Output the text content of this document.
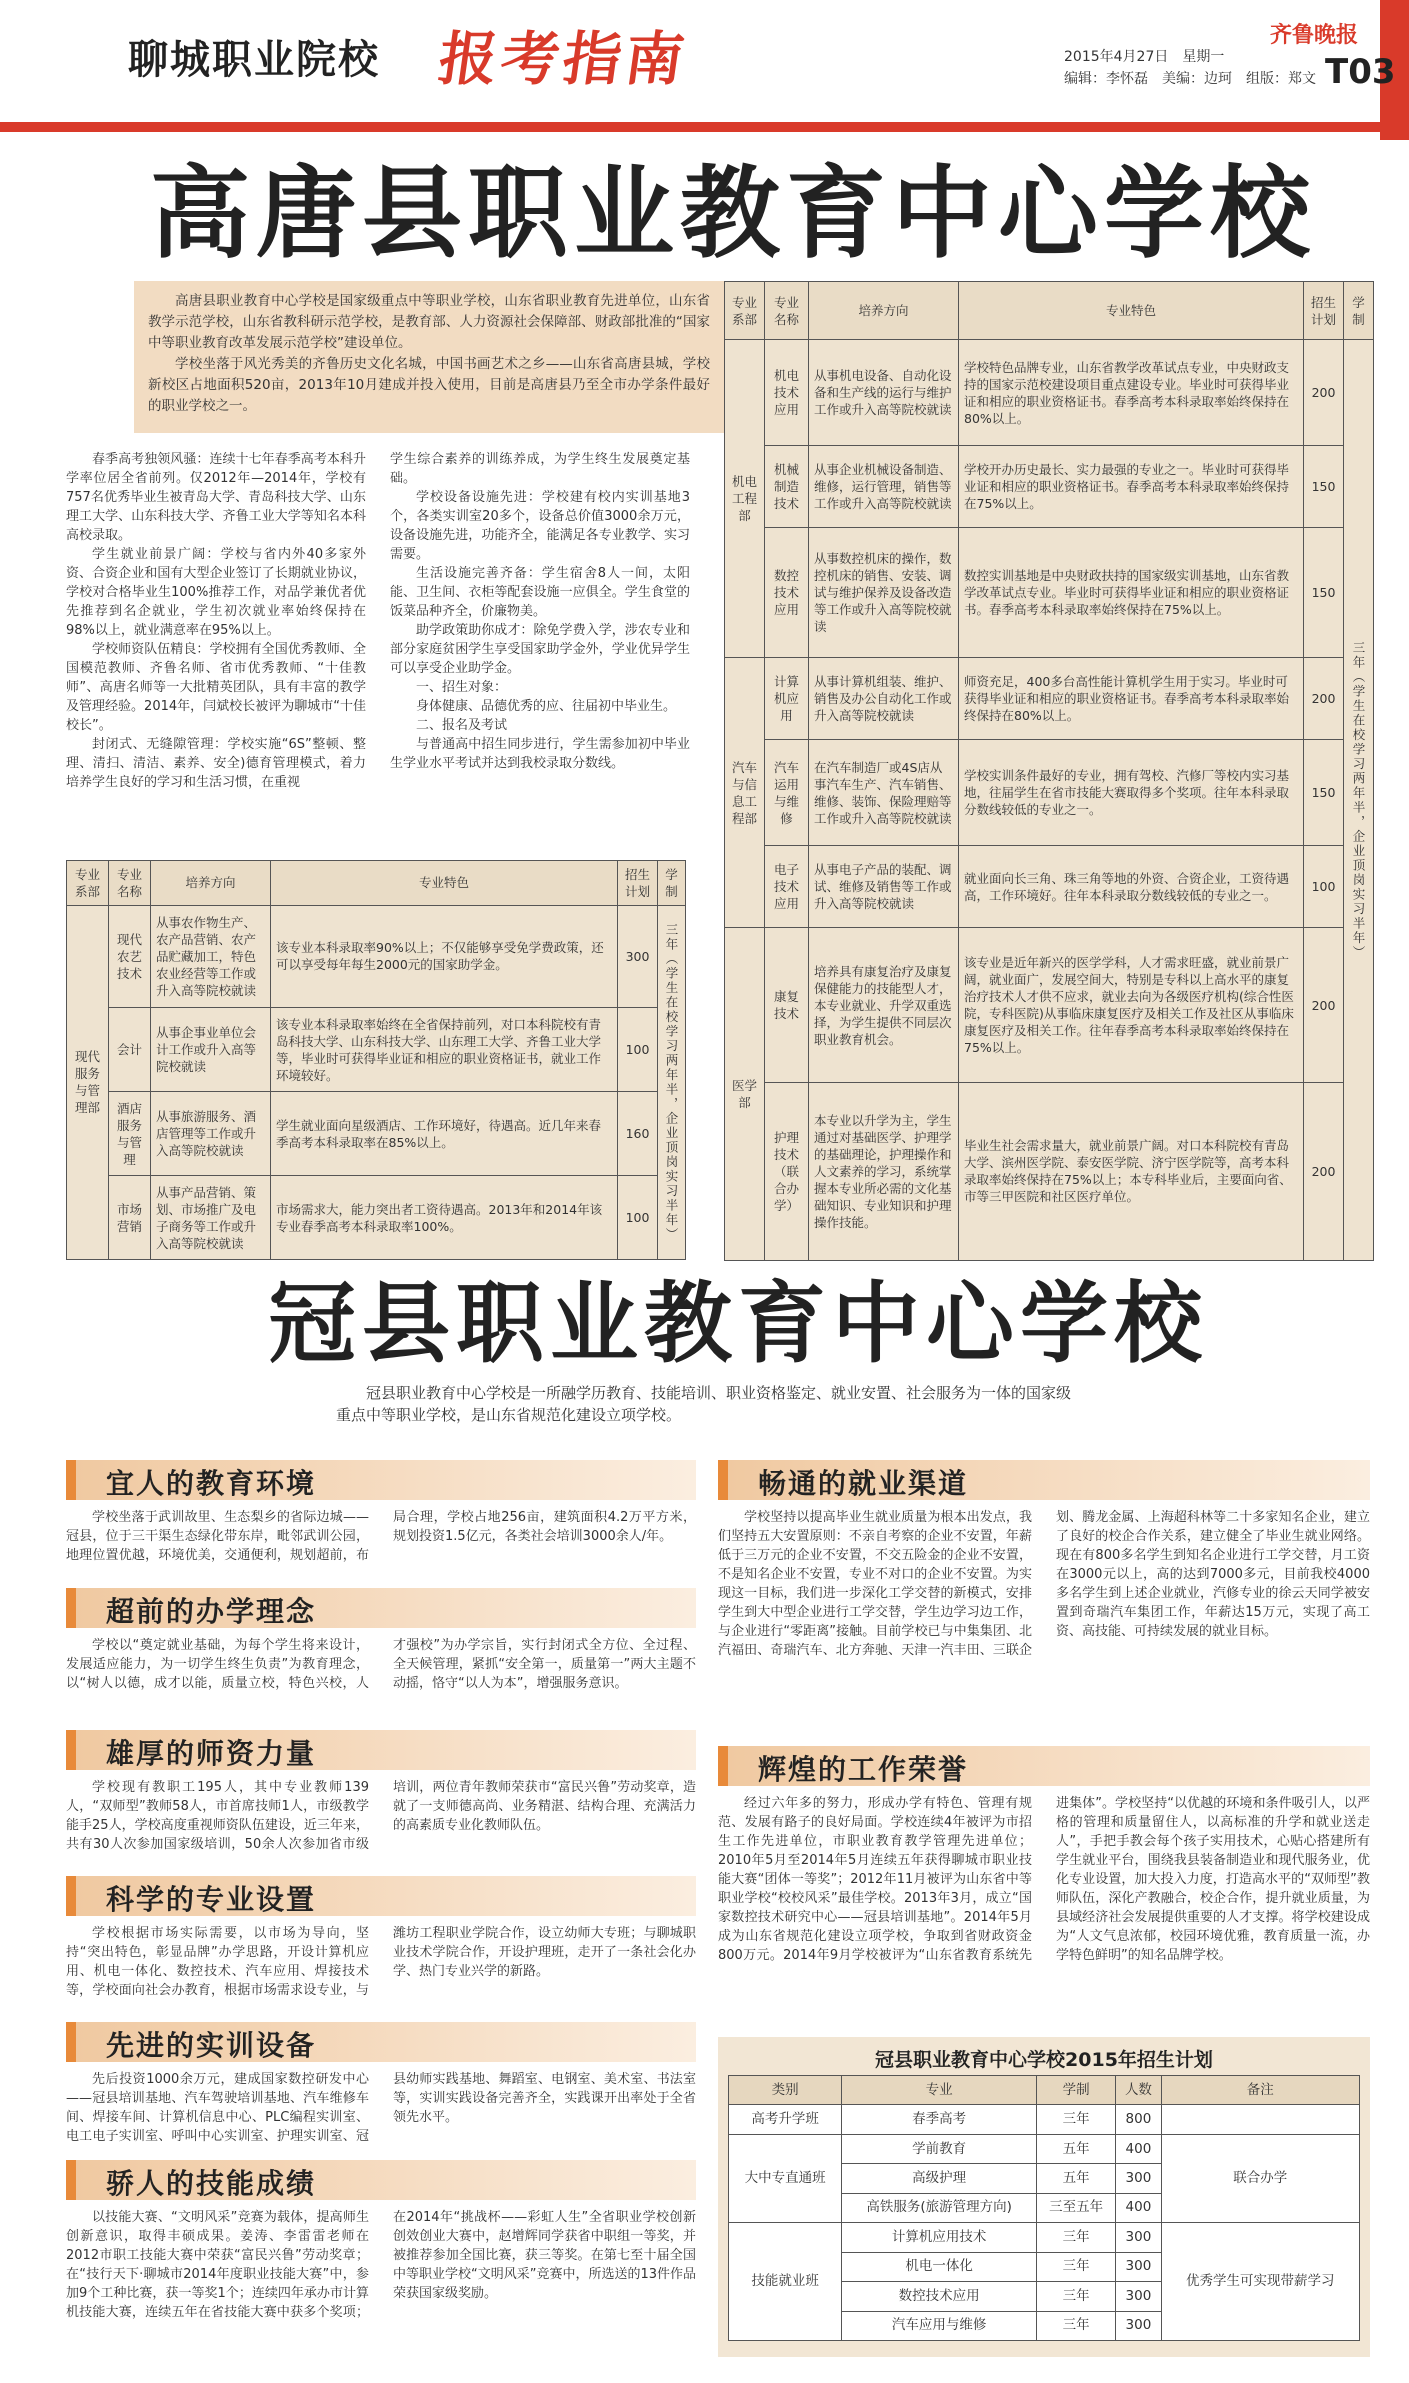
聊城职业院校 报考指南	齐鲁晚报
2015年4月27日　星期一
编辑：李怀磊　美编：边珂　组版：郑文 T03
高唐县职业教育中心学校

高唐县职业教育中心学校是国家级重点中等职业学校，山东省职业教育先进单位，山东省教学示范学校，山东省教科研示范学校，是教育部、人力资源社会保障部、财政部批准的“国家中等职业教育改革发展示范学校”建设单位。

学校坐落于风光秀美的齐鲁历史文化名城，中国书画艺术之乡——山东省高唐县城，学校新校区占地面积520亩，2013年10月建成并投入使用，目前是高唐县乃至全市办学条件最好的职业学校之一。

春季高考独领风骚：连续十七年春季高考本科升学率位居全省前列。仅2012年—2014年，学校有757名优秀毕业生被青岛大学、青岛科技大学、山东理工大学、山东科技大学、齐鲁工业大学等知名本科高校录取。

学生就业前景广阔：学校与省内外40多家外资、合资企业和国有大型企业签订了长期就业协议，学校对合格毕业生100%推荐工作，对品学兼优者优先推荐到名企就业，学生初次就业率始终保持在98%以上，就业满意率在95%以上。

学校师资队伍精良：学校拥有全国优秀教师、全国模范教师、齐鲁名师、省市优秀教师、“十佳教师”、高唐名师等一大批精英团队，具有丰富的教学及管理经验。2014年，闫斌校长被评为聊城市“十佳校长”。

封闭式、无缝隙管理：学校实施“6S”整顿、整理、清扫、清洁、素养、安全)德育管理模式，着力培养学生良好的学习和生活习惯，在重视

学生综合素养的训练养成，为学生终生发展奠定基础。

学校设备设施先进：学校建有校内实训基地3个，各类实训室20多个，设备总价值3000余万元，设备设施先进，功能齐全，能满足各专业教学、实习需要。

生活设施完善齐备：学生宿舍8人一间，太阳能、卫生间、衣柜等配套设施一应俱全。学生食堂的饭菜品种齐全，价廉物美。

助学政策助你成才：除免学费入学，涉农专业和部分家庭贫困学生享受国家助学金外，学业优异学生可以享受企业助学金。

一、招生对象：

身体健康、品德优秀的应、往届初中毕业生。

二、报名及考试

与普通高中招生同步进行，学生需参加初中毕业生学业水平考试并达到我校录取分数线。

专业系部	专业名称	培养方向	专业特色	招生计划	学制
现代服务与管理部	现代农艺技术	从事农作物生产、农产品营销、农产品贮藏加工，特色农业经营等工作或升入高等院校就读	该专业本科录取率90%以上；不仅能够享受免学费政策，还可以享受每年每生2000元的国家助学金。	300	三年（学生在校学习两年半，企业顶岗实习半年）
	会计	从事企事业单位会计工作或升入高等院校就读	该专业本科录取率始终在全省保持前列，对口本科院校有青岛科技大学、山东科技大学、山东理工大学、齐鲁工业大学等，毕业时可获得毕业证和相应的职业资格证书，就业工作环境较好。	100	
	酒店服务与管理	从事旅游服务、酒店管理等工作或升入高等院校就读	学生就业面向星级酒店、工作环境好，待遇高。近几年来春季高考本科录取率在85%以上。	160	
	市场营销	从事产品营销、策划、市场推广及电子商务等工作或升入高等院校就读	市场需求大，能力突出者工资待遇高。2013年和2014年该专业春季高考本科录取率100%。	100	
专业系部	专业名称	培养方向	专业特色	招生计划	学制
机电工程部	机电技术应用	从事机电设备、自动化设备和生产线的运行与维护工作或升入高等院校就读	学校特色品牌专业，山东省教学改革试点专业，中央财政支持的国家示范校建设项目重点建设专业。毕业时可获得毕业证和相应的职业资格证书。春季高考本科录取率始终保持在80%以上。	200	三年（学生在校学习两年半，企业顶岗实习半年）
	机械制造技术	从事企业机械设备制造、维修，运行管理，销售等工作或升入高等院校就读	学校开办历史最长、实力最强的专业之一。毕业时可获得毕业证和相应的职业资格证书。春季高考本科录取率始终保持在75%以上。	150	
	数控技术应用	从事数控机床的操作，数控机床的销售、安装、调试与维护保养及设备改造等工作或升入高等院校就读	数控实训基地是中央财政扶持的国家级实训基地，山东省教学改革试点专业。毕业时可获得毕业证和相应的职业资格证书。春季高考本科录取率始终保持在75%以上。	150	
汽车与信息工程部	计算机应用	从事计算机组装、维护、销售及办公自动化工作或升入高等院校就读	师资充足，400多台高性能计算机学生用于实习。毕业时可获得毕业证和相应的职业资格证书。春季高考本科录取率始终保持在80%以上。	200	
	汽车运用与维修	在汽车制造厂或4S店从事汽车生产、汽车销售、维修、装饰、保险理赔等工作或升入高等院校就读	学校实训条件最好的专业，拥有驾校、汽修厂等校内实习基地，往届学生在省市技能大赛取得多个奖项。往年本科录取分数线较低的专业之一。	150	
	电子技术应用	从事电子产品的装配、调试、维修及销售等工作或升入高等院校就读	就业面向长三角、珠三角等地的外资、合资企业，工资待遇高，工作环境好。往年本科录取分数线较低的专业之一。	100	
医学部	康复技术	培养具有康复治疗及康复保健能力的技能型人才，本专业就业、升学双重选择，为学生提供不同层次职业教育机会。	该专业是近年新兴的医学学科，人才需求旺盛，就业前景广阔，就业面广，发展空间大，特别是专科以上高水平的康复治疗技术人才供不应求，就业去向为各级医疗机构(综合性医院，专科医院)从事临床康复医疗及相关工作及社区从事临床康复医疗及相关工作。往年春季高考本科录取率始终保持在75%以上。	200	
	护理技术（联合办学）	本专业以升学为主，学生通过对基础医学、护理学的基础理论，护理操作和人文素养的学习，系统掌握本专业所必需的文化基础知识、专业知识和护理操作技能。	毕业生社会需求量大，就业前景广阔。对口本科院校有青岛大学、滨州医学院、泰安医学院、济宁医学院等，高考本科录取率始终保持在75%以上；本专科毕业后，主要面向省、市等三甲医院和社区医疗单位。	200	
冠县职业教育中心学校
冠县职业教育中心学校是一所融学历教育、技能培训、职业资格鉴定、就业安置、社会服务为一体的国家级重点中等职业学校，是山东省规范化建设立项学校。
宜人的教育环境
学校坐落于武训故里、生态梨乡的省际边城——冠县，位于三干渠生态绿化带东岸，毗邻武训公园，地理位置优越，环境优美，交通便利，规划超前，布局合理，学校占地256亩，建筑面积4.2万平方米，规划投资1.5亿元，各类社会培训3000余人/年。
超前的办学理念
学校以“奠定就业基础，为每个学生将来设计，发展适应能力，为一切学生终生负责”为教育理念，以“树人以德，成才以能，质量立校，特色兴校，人才强校”为办学宗旨，实行封闭式全方位、全过程、全天候管理，紧抓“安全第一，质量第一”两大主题不动摇，恪守“以人为本”，增强服务意识。
雄厚的师资力量
学校现有教职工195人，其中专业教师139人，“双师型”教师58人，市首席技师1人，市级教学能手25人，学校高度重视师资队伍建设，近三年来，共有30人次参加国家级培训，50余人次参加省市级培训，两位青年教师荣获市“富民兴鲁”劳动奖章，造就了一支师德高尚、业务精湛、结构合理、充满活力的高素质专业化教师队伍。
科学的专业设置
学校根据市场实际需要，以市场为导向，坚持“突出特色，彰显品牌”办学思路，开设计算机应用、机电一体化、数控技术、汽车应用、焊接技术等，学校面向社会办教育，根据市场需求设专业，与潍坊工程职业学院合作，设立幼师大专班；与聊城职业技术学院合作，开设护理班，走开了一条社会化办学、热门专业兴学的新路。
先进的实训设备
先后投资1000余万元，建成国家数控研发中心——冠县培训基地、汽车驾驶培训基地、汽车维修车间、焊接车间、计算机信息中心、PLC编程实训室、电工电子实训室、呼叫中心实训室、护理实训室、冠县幼师实践基地、舞蹈室、电钢室、美术室、书法室等，实训实践设备完善齐全，实践课开出率处于全省领先水平。
骄人的技能成绩
以技能大赛、“文明风采”竞赛为载体，提高师生创新意识，取得丰硕成果。姜涛、李雷雷老师在2012市职工技能大赛中荣获“富民兴鲁”劳动奖章；在“技行天下·聊城市2014年度职业技能大赛”中，参加9个工种比赛，获一等奖1个；连续四年承办市计算机技能大赛，连续五年在省技能大赛中获多个奖项；在2014年“挑战杯——彩虹人生”全省职业学校创新创效创业大赛中，赵增辉同学获省中职组一等奖，并被推荐参加全国比赛，获三等奖。在第七至十届全国中等职业学校“文明风采”竞赛中，所选送的13件作品荣获国家级奖励。
畅通的就业渠道
学校坚持以提高毕业生就业质量为根本出发点，我们坚持五大安置原则：不亲自考察的企业不安置，年薪低于三万元的企业不安置，不交五险金的企业不安置，不是知名企业不安置，专业不对口的企业不安置。为实现这一目标，我们进一步深化工学交替的新模式，安排学生到大中型企业进行工学交替，学生边学习边工作，与企业进行“零距离”接触。目前学校已与中集集团、北汽福田、奇瑞汽车、北方奔驰、天津一汽丰田、三联企划、腾龙金属、上海超科林等二十多家知名企业，建立了良好的校企合作关系，建立健全了毕业生就业网络。现在有800多名学生到知名企业进行工学交替，月工资在3000元以上，高的达到7000多元，目前我校4000多名学生到上述企业就业，汽修专业的徐云天同学被安置到奇瑞汽车集团工作，年薪达15万元，实现了高工资、高技能、可持续发展的就业目标。
辉煌的工作荣誉
经过六年多的努力，形成办学有特色、管理有规范、发展有路子的良好局面。学校连续4年被评为市招生工作先进单位，市职业教育教学管理先进单位；2010年5月至2014年5月连续五年获得聊城市职业技能大赛“团体一等奖”；2012年11月被评为山东省中等职业学校“校校风采”最佳学校。2013年3月，成立“国家数控技术研究中心——冠县培训基地”。2014年5月成为山东省规范化建设立项学校，争取到省财政资金800万元。2014年9月学校被评为“山东省教育系统先进集体”。学校坚持“以优越的环境和条件吸引人，以严格的管理和质量留住人，以高标准的升学和就业送走人”，手把手教会每个孩子实用技术，心贴心搭建所有学生就业平台，围绕我县装备制造业和现代服务业，优化专业设置，加大投入力度，打造高水平的“双师型”教师队伍，深化产教融合，校企合作，提升就业质量，为县域经济社会发展提供重要的人才支撑。将学校建设成为“人文气息浓郁，校园环境优雅，教育质量一流，办学特色鲜明”的知名品牌学校。
冠县职业教育中心学校2015年招生计划
类别	专业	学制	人数	备注
高考升学班	春季高考	三年	800	
大中专直通班	学前教育	五年	400	联合办学
	高级护理	五年	300	
	高铁服务(旅游管理方向)	三至五年	400	
技能就业班	计算机应用技术	三年	300	优秀学生可实现带薪学习
	机电一体化	三年	300	
	数控技术应用	三年	300	
	汽车应用与维修	三年	300	
